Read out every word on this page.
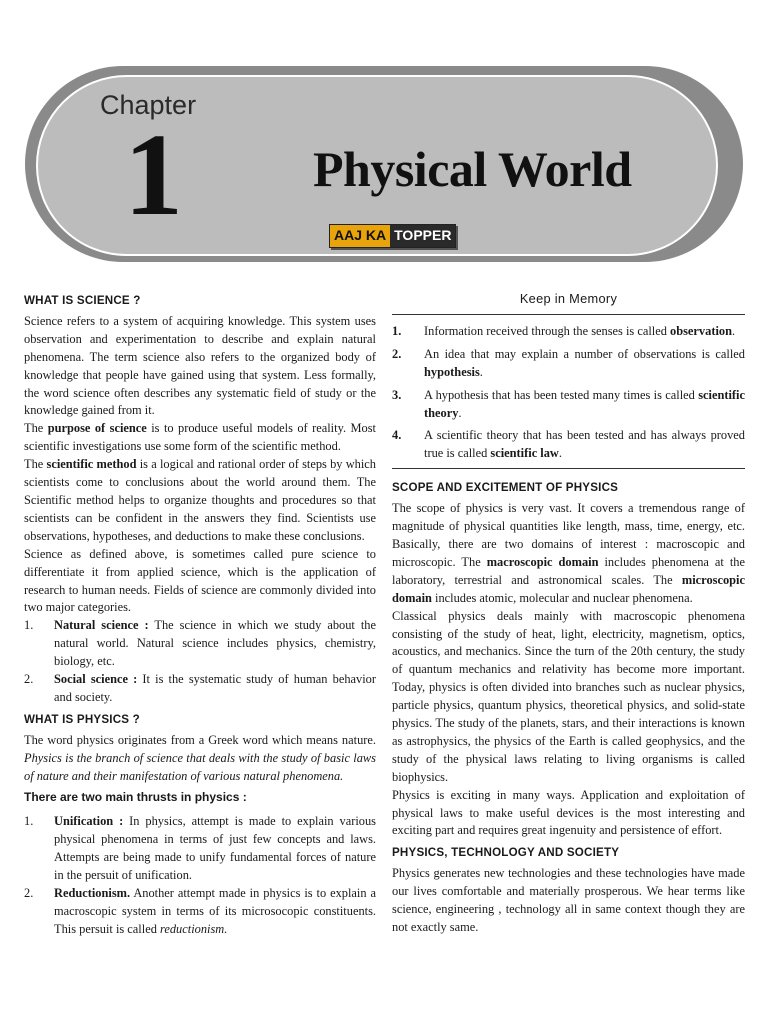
Chapter
1	Physical World
AAJ KA TOPPER
WHAT IS SCIENCE ?

Science refers to a system of acquiring knowledge. This system uses observation and experimentation to describe and explain natural phenomena. The term science also refers to the organized body of knowledge that people have gained using that system. Less formally, the word science often describes any systematic field of study or the knowledge gained from it.

The purpose of science is to produce useful models of reality. Most scientific investigations use some form of the scientific method.

The scientific method is a logical and rational order of steps by which scientists come to conclusions about the world around them. The Scientific method helps to organize thoughts and procedures so that scientists can be confident in the answers they find. Scientists use observations, hypotheses, and deductions to make these conclusions.

Science as defined above, is sometimes called pure science to differentiate it from applied science, which is the application of research to human needs. Fields of science are commonly divided into two major categories.

1.	Natural science : The science in which we study about the natural world. Natural science includes physics, chemistry, biology, etc.
2.	Social science : It is the systematic study of human behavior and society.
WHAT IS PHYSICS ?

The word physics originates from a Greek word which means nature. Physics is the branch of science that deals with the study of basic laws of nature and their manifestation of various natural phenomena.

There are two main thrusts in physics :
1.	Unification : In physics, attempt is made to explain various physical phenomena in terms of just few concepts and laws. Attempts are being made to unify fundamental forces of nature in the persuit of unification.
2.	Reductionism. Another attempt made in physics is to explain a macroscopic system in terms of its microsocopic constituents. This persuit is called reductionism.
Keep in Memory
1.	Information received through the senses is called observation.
2.	An idea that may explain a number of observations is called hypothesis.
3.	A hypothesis that has been tested many times is called scientific theory.
4.	A scientific theory that has been tested and has always proved true is called scientific law.
SCOPE AND EXCITEMENT OF PHYSICS

The scope of physics is very vast. It covers a tremendous range of magnitude of physical quantities like length, mass, time, energy, etc. Basically, there are two domains of interest : macroscopic and microscopic. The macroscopic domain includes phenomena at the laboratory, terrestrial and astronomical scales. The microscopic domain includes atomic, molecular and nuclear phenomena.

Classical physics deals mainly with macroscopic phenomena consisting of the study of heat, light, electricity, magnetism, optics, acoustics, and mechanics. Since the turn of the 20th century, the study of quantum mechanics and relativity has become more important. Today, physics is often divided into branches such as nuclear physics, particle physics, quantum physics, theoretical physics, and solid-state physics. The study of the planets, stars, and their interactions is known as astrophysics, the physics of the Earth is called geophysics, and the study of the physical laws relating to living organisms is called biophysics.

Physics is exciting in many ways. Application and exploitation of physical laws to make useful devices is the most interesting and exciting part and requires great ingenuity and persistence of effort.

PHYSICS, TECHNOLOGY AND SOCIETY

Physics generates new technologies and these technologies have made our lives comfortable and materially prosperous. We hear terms like science, engineering , technology all in same context though they are not exactly same.
